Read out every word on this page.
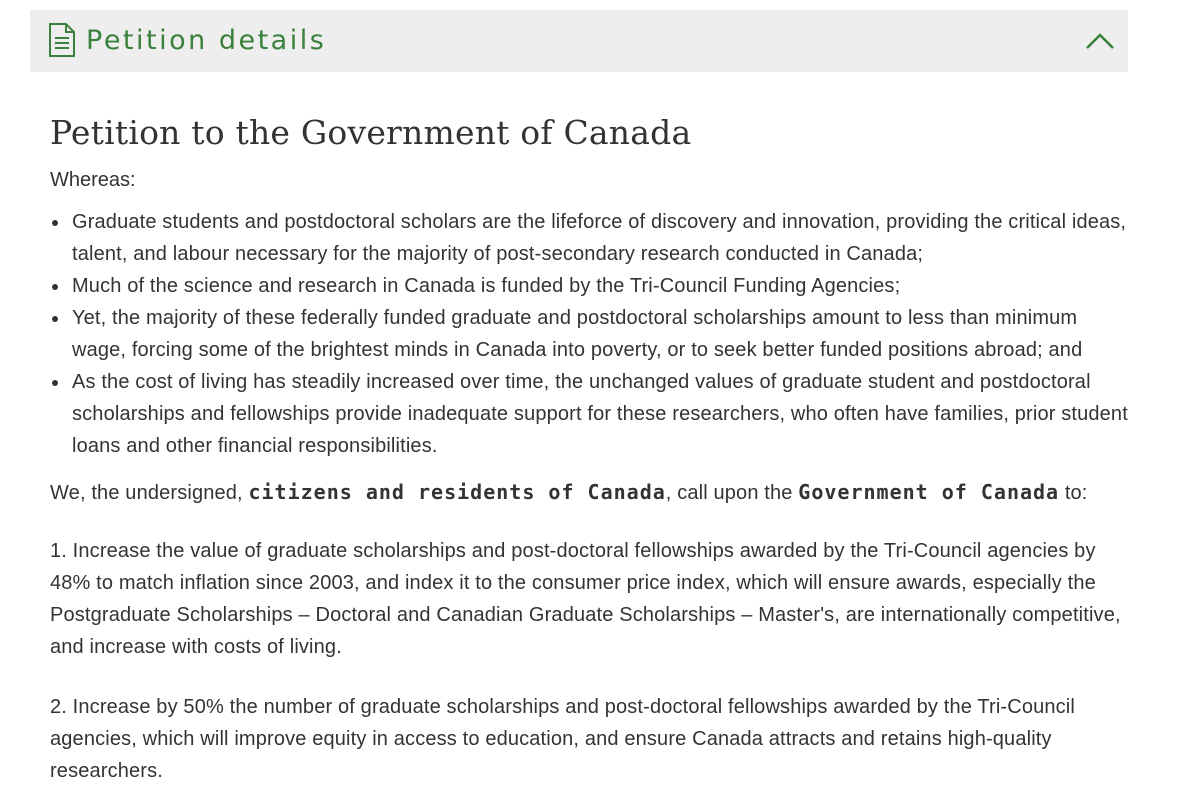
Petition details
Petition to the Government of Canada

Whereas:

Graduate students and postdoctoral scholars are the lifeforce of discovery and innovation, providing the critical ideas, talent, and labour necessary for the majority of post-secondary research conducted in Canada;
Much of the science and research in Canada is funded by the Tri-Council Funding Agencies;
Yet, the majority of these federally funded graduate and postdoctoral scholarships amount to less than minimum wage, forcing some of the brightest minds in Canada into poverty, or to seek better funded positions abroad; and
As the cost of living has steadily increased over time, the unchanged values of graduate student and postdoctoral scholarships and fellowships provide inadequate support for these researchers, who often have families, prior student loans and other financial responsibilities.

We, the undersigned, citizens and residents of Canada, call upon the Government of Canada to:

1. Increase the value of graduate scholarships and post-doctoral fellowships awarded by the Tri-Council agencies by 48% to match inflation since 2003, and index it to the consumer price index, which will ensure awards, especially the Postgraduate Scholarships – Doctoral and Canadian Graduate Scholarships – Master's, are internationally competitive, and increase with costs of living.

2. Increase by 50% the number of graduate scholarships and post-doctoral fellowships awarded by the Tri-Council agencies, which will improve equity in access to education, and ensure Canada attracts and retains high-quality researchers.
